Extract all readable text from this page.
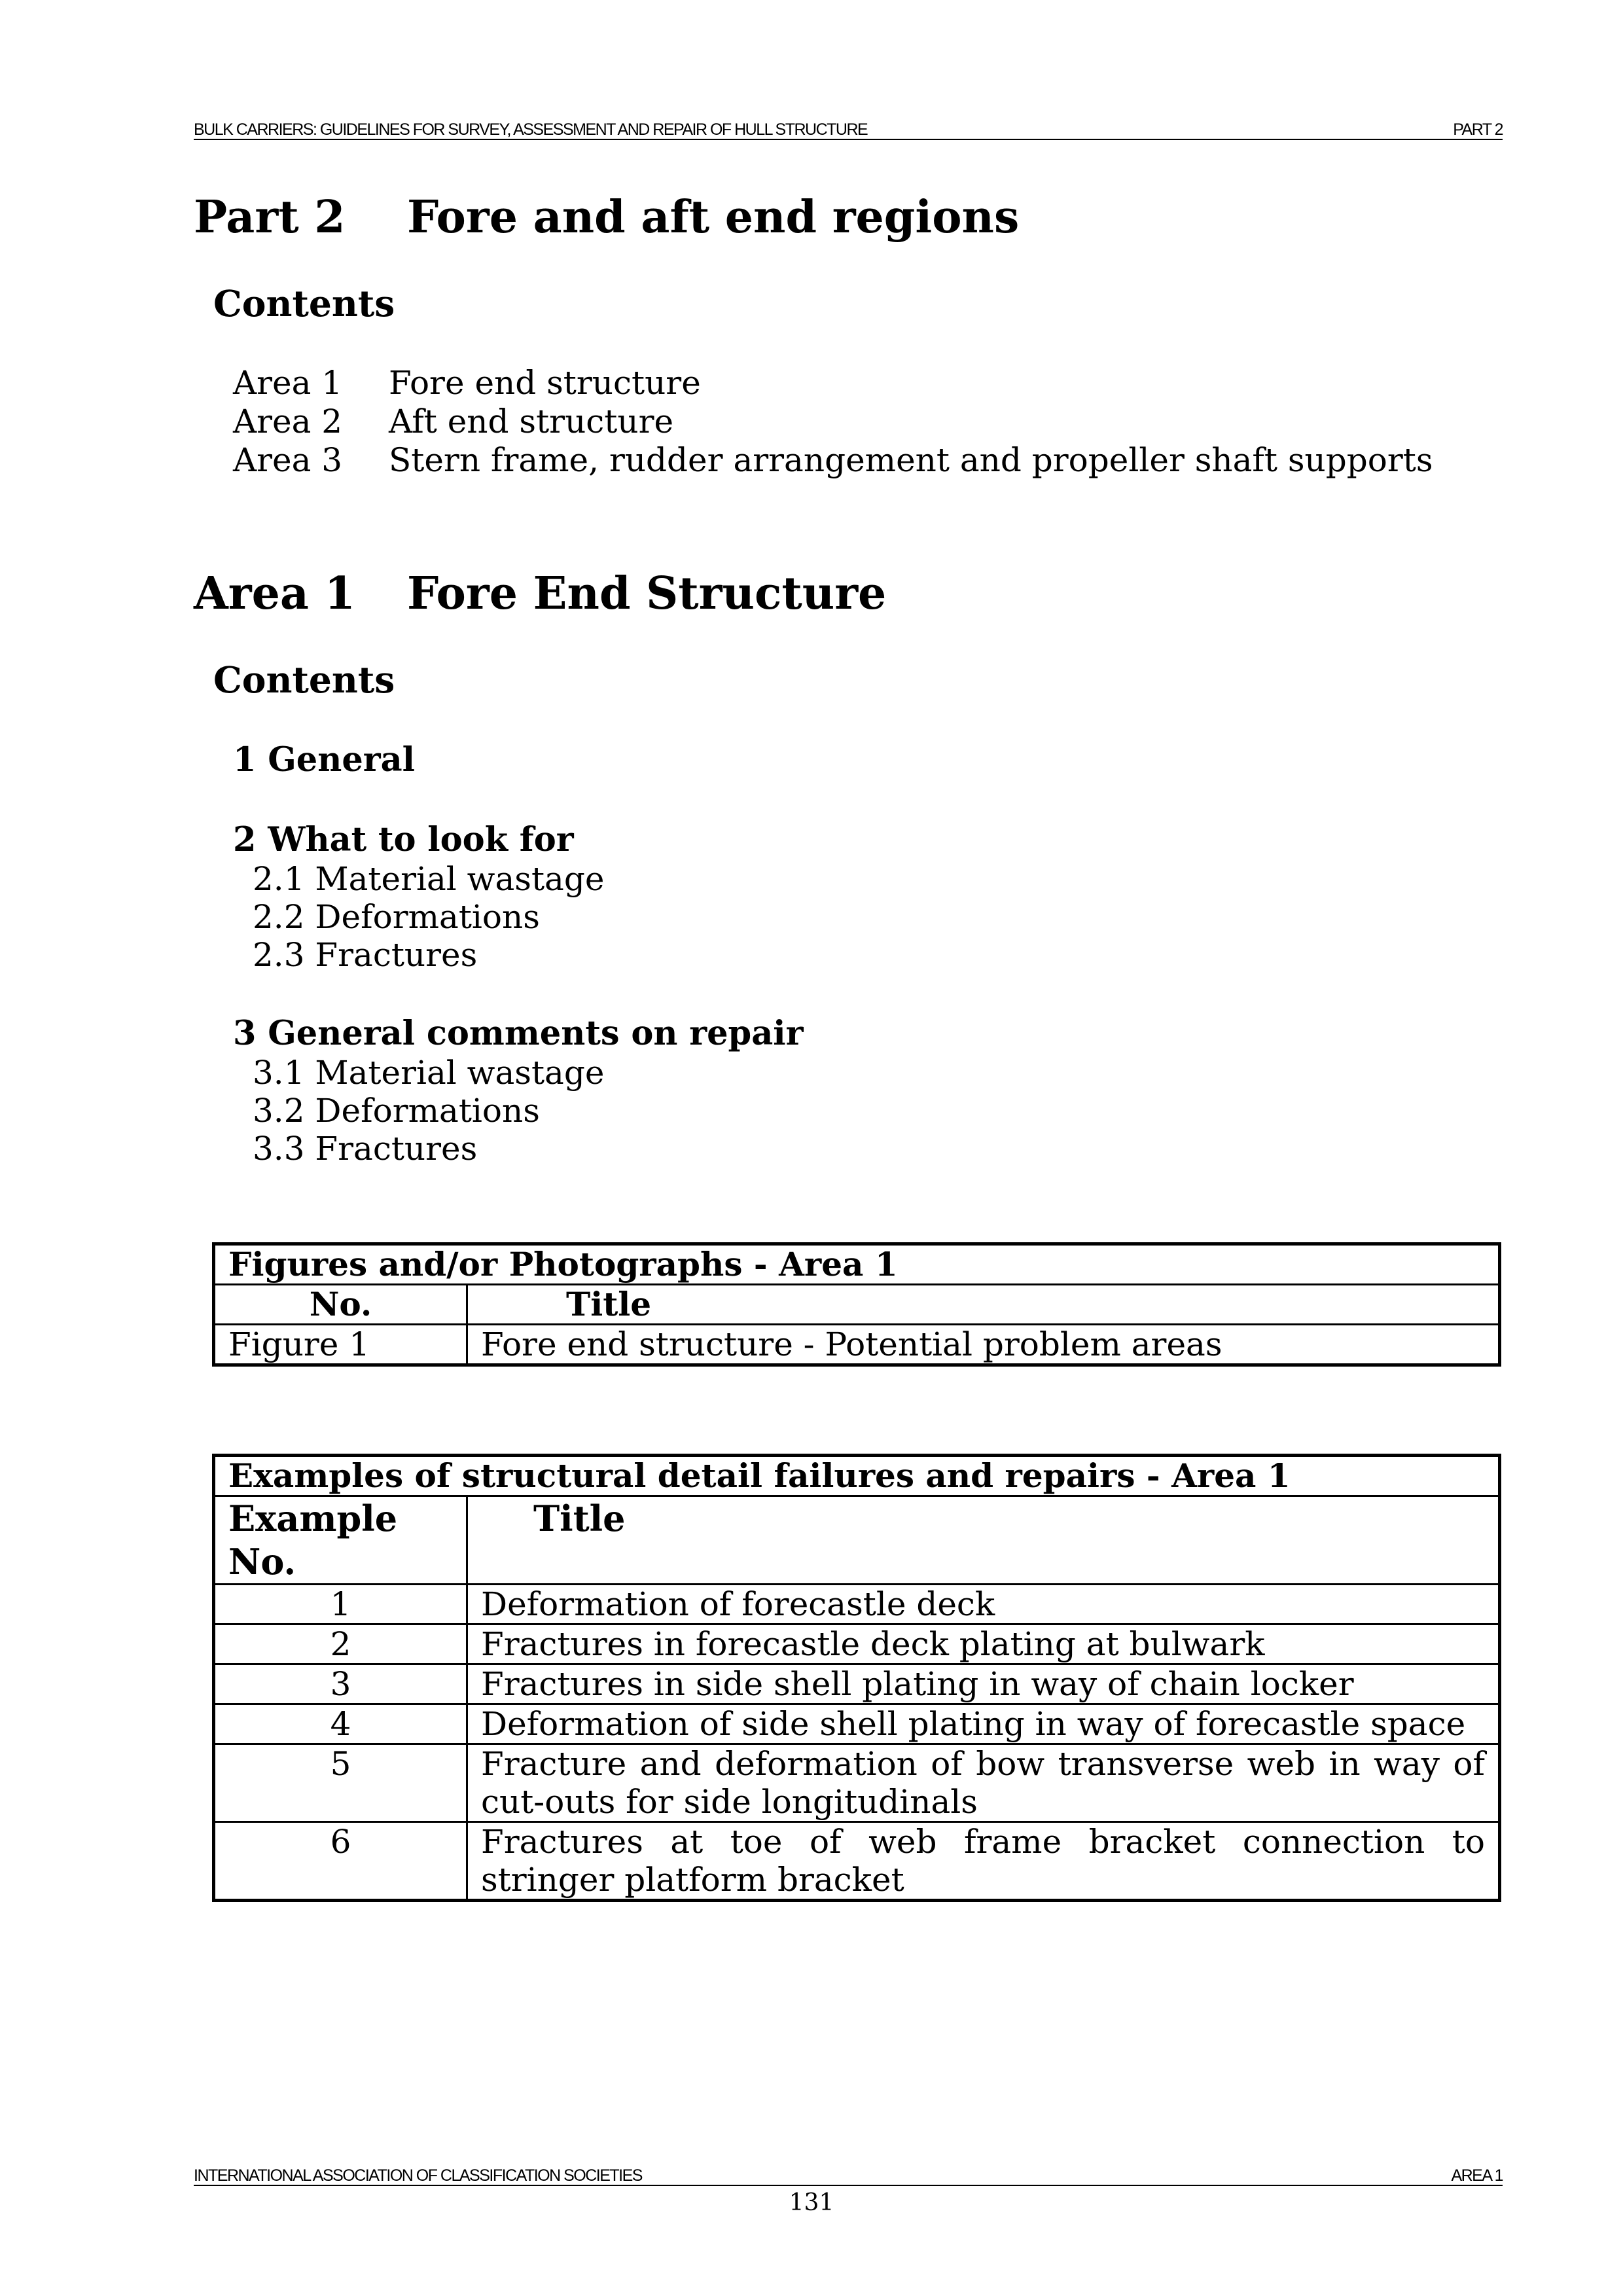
BULK CARRIERS: GUIDELINES FOR SURVEY, ASSESSMENT AND REPAIR OF HULL STRUCTURE	PART 2
Part 2 Fore and aft end regions
Contents
Area 1 Fore end structure
Area 2 Aft end structure
Area 3 Stern frame, rudder arrangement and propeller shaft supports
Area 1 Fore End Structure
Contents
1 General
2 What to look for
2.1 Material wastage
2.2 Deformations
2.3 Fractures
3 General comments on repair
3.1 Material wastage
3.2 Deformations
3.3 Fractures
Figures and/or Photographs - Area 1	
No.	Title
Figure 1	Fore end structure - Potential problem areas
Examples of structural detail failures and repairs - Area 1	
Example No.	Title
1	Deformation of forecastle deck
2	Fractures in forecastle deck plating at bulwark
3	Fractures in side shell plating in way of chain locker
4	Deformation of side shell plating in way of forecastle space
5	Fracture and deformation of bow transverse web in way of cut-outs for side longitudinals
6	Fractures at toe of web frame bracket connection to stringer platform bracket
INTERNATIONAL ASSOCIATION OF CLASSIFICATION SOCIETIES	AREA 1
131
